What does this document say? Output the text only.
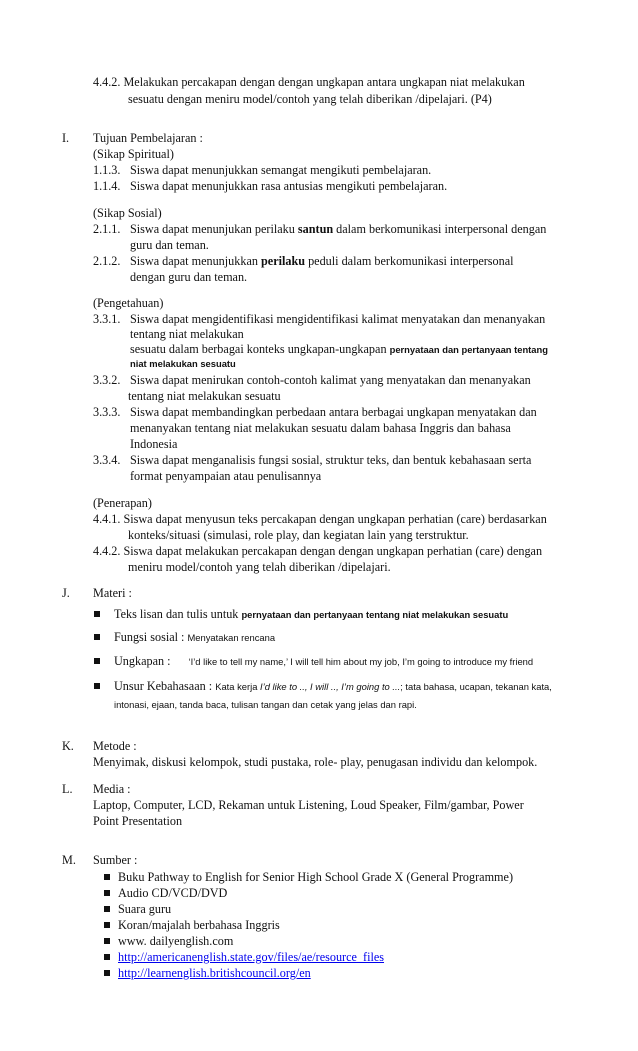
4.4.2. Melakukan percakapan dengan dengan ungkapan antara ungkapan niat melakukan
sesuatu dengan meniru model/contoh yang telah diberikan /dipelajari. (P4)
I. Tujuan Pembelajaran :
(Sikap Spiritual)
1.1.3. Siswa dapat menunjukkan semangat mengikuti pembelajaran.
1.1.4. Siswa dapat menunjukkan rasa antusias mengikuti pembelajaran.
(Sikap Sosial)
2.1.1. Siswa dapat menunjukan perilaku santun dalam berkomunikasi interpersonal dengan
guru dan teman.
2.1.2. Siswa dapat menunjukkan perilaku peduli dalam berkomunikasi interpersonal
dengan guru dan teman.
(Pengetahuan)
3.3.1. Siswa dapat mengidentifikasi mengidentifikasi kalimat menyatakan dan menanyakan
tentang niat melakukan
sesuatu dalam berbagai konteks ungkapan-ungkapan pernyataan dan pertanyaan tentang
niat melakukan sesuatu
3.3.2. Siswa dapat menirukan contoh-contoh kalimat yang menyatakan dan menanyakan
tentang niat melakukan sesuatu
3.3.3. Siswa dapat membandingkan perbedaan antara berbagai ungkapan menyatakan dan
menanyakan tentang niat melakukan sesuatu dalam bahasa Inggris dan bahasa
Indonesia
3.3.4. Siswa dapat menganalisis fungsi sosial, struktur teks, dan bentuk kebahasaan serta
format penyampaian atau penulisannya
(Penerapan)
4.4.1. Siswa dapat menyusun teks percakapan dengan ungkapan perhatian (care) berdasarkan
konteks/situasi (simulasi, role play, dan kegiatan lain yang terstruktur.
4.4.2. Siswa dapat melakukan percakapan dengan dengan ungkapan perhatian (care) dengan
meniru model/contoh yang telah diberikan /dipelajari.
J. Materi :
Teks lisan dan tulis untuk pernyataan dan pertanyaan tentang niat melakukan sesuatu
Fungsi sosial : Menyatakan rencana
Ungkapan : ‘I’d like to tell my name,’ I will tell him about my job, I’m going to introduce my friend
Unsur Kebahasaan : Kata kerja I’d like to .., I will .., I’m going to ...; tata bahasa, ucapan, tekanan kata,
intonasi, ejaan, tanda baca, tulisan tangan dan cetak yang jelas dan rapi.
K. Metode :
Menyimak, diskusi kelompok, studi pustaka, role- play, penugasan individu dan kelompok.
L. Media :
Laptop, Computer, LCD, Rekaman untuk Listening, Loud Speaker, Film/gambar, Power
Point Presentation
M. Sumber :
Buku Pathway to English for Senior High School Grade X (General Programme)
Audio CD/VCD/DVD
Suara guru
Koran/majalah berbahasa Inggris
www. dailyenglish.com
http://americanenglish.state.gov/files/ae/resource_files
http://learnenglish.britishcouncil.org/en
